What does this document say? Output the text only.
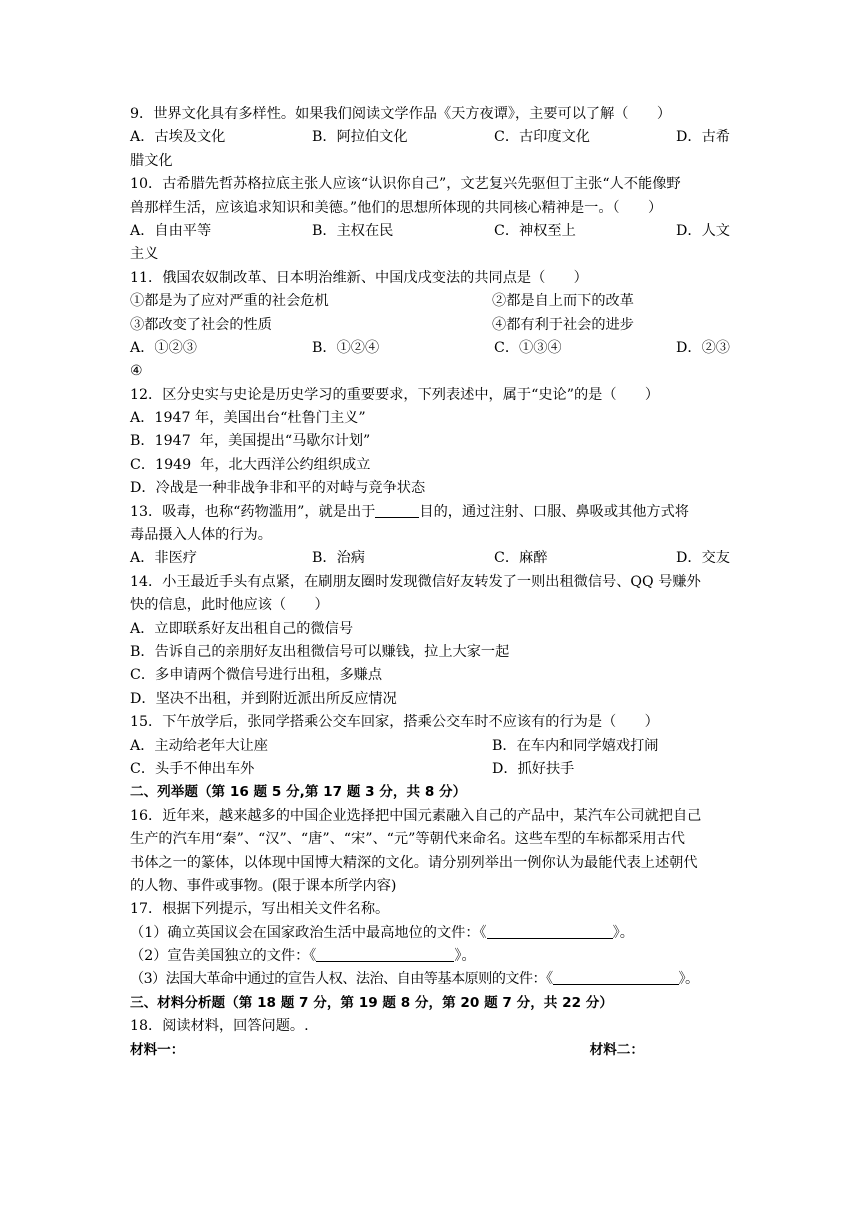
9．世界文化具有多样性。如果我们阅读文学作品《天方夜谭》，主要可以了解（　　）
A．古埃及文化	B．阿拉伯文化	C．古印度文化	D．古希
腊文化
10．古希腊先哲苏格拉底主张人应该“认识你自己”，文艺复兴先驱但丁主张“人不能像野
兽那样生活，应该追求知识和美德。”他们的思想所体现的共同核心精神是一。（　　）
A．自由平等	B．主权在民	C．神权至上	D．人文
主义
11．俄国农奴制改革、日本明治维新、中国戊戌变法的共同点是（　　）
①都是为了应对严重的社会危机	②都是自上而下的改革
③都改变了社会的性质	④都有利于社会的进步
A．①②③	B．①②④	C．①③④	D．②③
④
12．区分史实与史论是历史学习的重要要求，下列表述中，属于“史论”的是（　　）
A．1947 年，美国出台“杜鲁门主义”
B．1947  年，美国提出“马歇尔计划”
C．1949  年，北大西洋公约组织成立
D．冷战是一种非战争非和平的对峙与竞争状态
13．吸毒，也称“药物滥用”，就是出于	目的，通过注射、口服、鼻吸或其他方式将
毒品摄入人体的行为。
A．非医疗	B．治病	C．麻醉	D．交友
14．小王最近手头有点紧，在刷朋友圈时发现微信好友转发了一则出租微信号、QQ 号赚外
快的信息，此时他应该（　　）
A．立即联系好友出租自己的微信号
B．告诉自己的亲朋好友出租微信号可以赚钱，拉上大家一起
C．多申请两个微信号进行出租，多赚点
D．坚决不出租，并到附近派出所反应情况
15．下午放学后，张同学搭乘公交车回家，搭乘公交车时不应该有的行为是（　　）
A．主动给老年大让座	B．在车内和同学嬉戏打闹
C．头手不伸出车外	D．抓好扶手
二、列举题（第 16 题 5 分,第 17 题 3 分，共 8 分）
16．近年来，越来越多的中国企业选择把中国元素融入自己的产品中，某汽车公司就把自己
生产的汽车用“秦”、“汉”、“唐”、“宋”、“元”等朝代来命名。这些车型的车标都采用古代
书体之一的篆体，以体现中国博大精深的文化。请分别列举出一例你认为最能代表上述朝代
的人物、事件或事物。(限于课本所学内容)
17．根据下列提示，写出相关文件名称。
（1）确立英国议会在国家政治生活中最高地位的文件：《	》。
（2）宣告美国独立的文件：《	》。
（3）法国大革命中通过的宣告人权、法治、自由等基本原则的文件：《	》。
三、材料分析题（第 18 题 7 分，第 19 题 8 分，第 20 题 7 分，共 22 分）
18．阅读材料，回答问题。.
材料一：	材料二：
